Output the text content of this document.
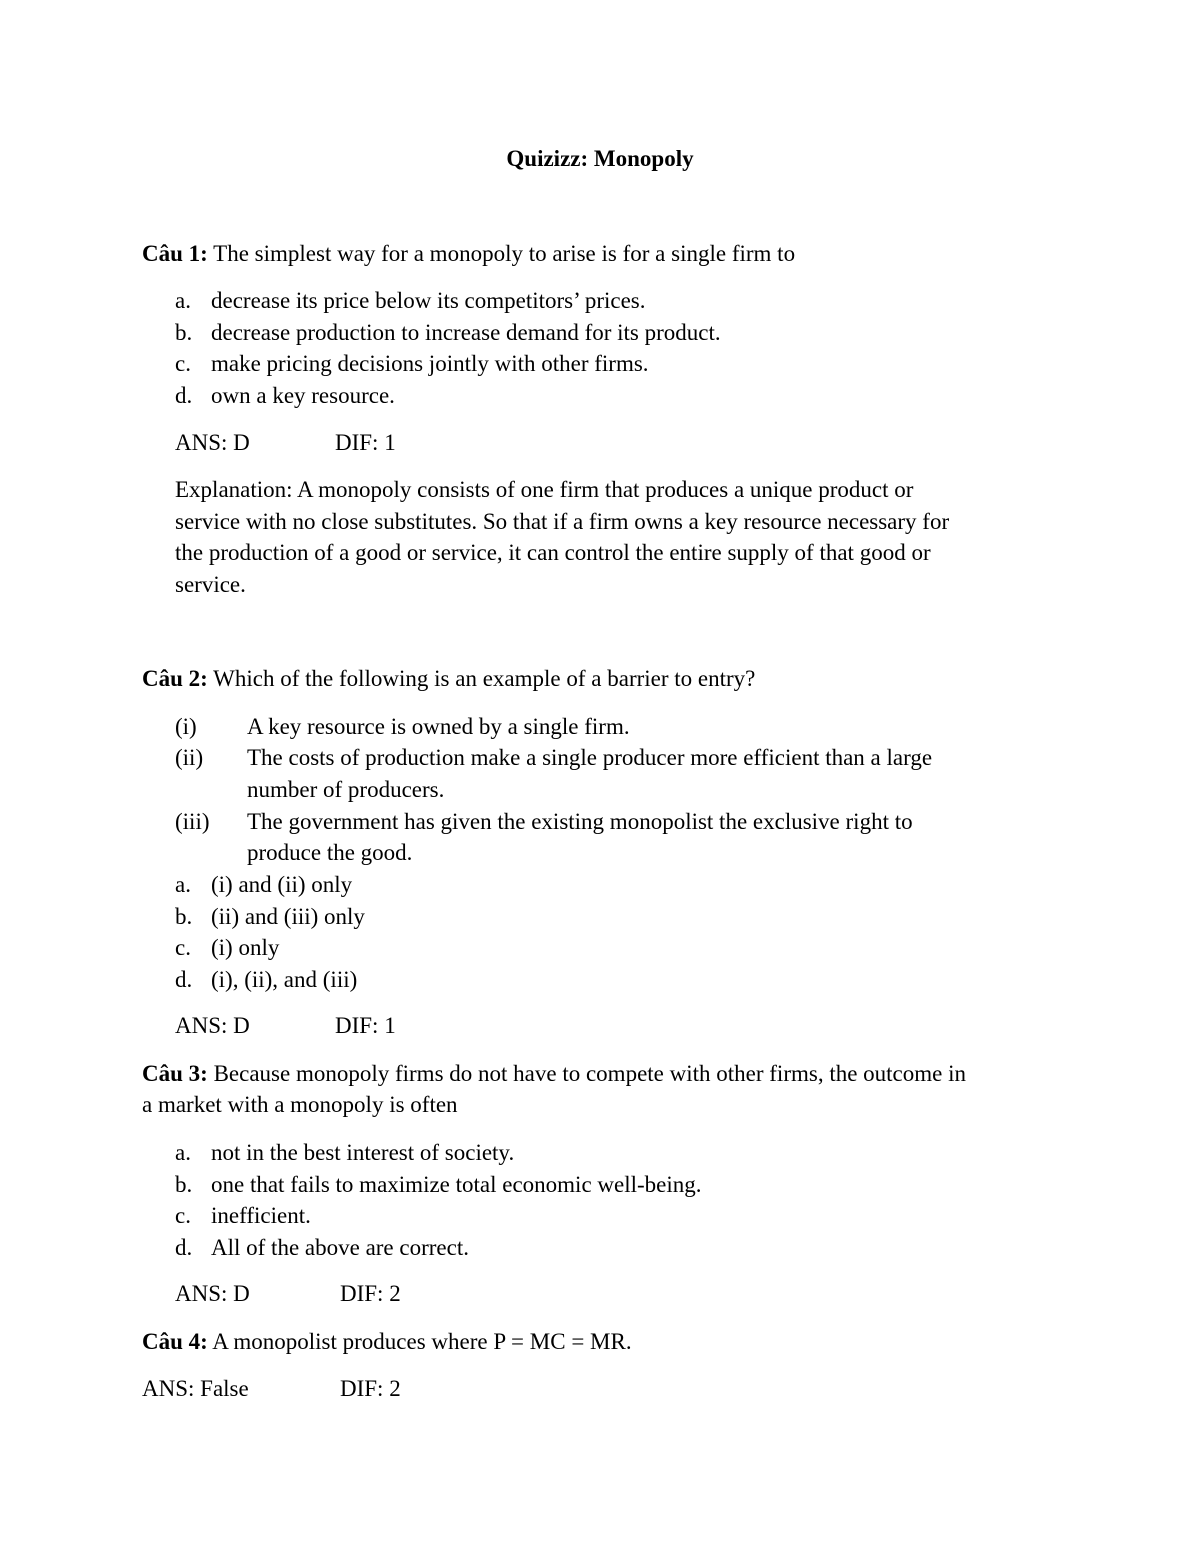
Quizizz: Monopoly
Câu 1: The simplest way for a monopoly to arise is for a single firm to
a. decrease its price below its competitors’ prices.
b. decrease production to increase demand for its product.
c. make pricing decisions jointly with other firms.
d. own a key resource.
ANS: D	DIF: 1
Explanation: A monopoly consists of one firm that produces a unique product or
service with no close substitutes. So that if a firm owns a key resource necessary for
the production of a good or service, it can control the entire supply of that good or
service.
Câu 2: Which of the following is an example of a barrier to entry?
(i) A key resource is owned by a single firm.
(ii) The costs of production make a single producer more efficient than a large
number of producers.
(iii) The government has given the existing monopolist the exclusive right to
produce the good.
a. (i) and (ii) only
b. (ii) and (iii) only
c. (i) only
d. (i), (ii), and (iii)
ANS: D	DIF: 1
Câu 3: Because monopoly firms do not have to compete with other firms, the outcome in
a market with a monopoly is often
a. not in the best interest of society.
b. one that fails to maximize total economic well-being.
c. inefficient.
d. All of the above are correct.
ANS: D	DIF: 2
Câu 4: A monopolist produces where P = MC = MR.
ANS: False	DIF: 2
